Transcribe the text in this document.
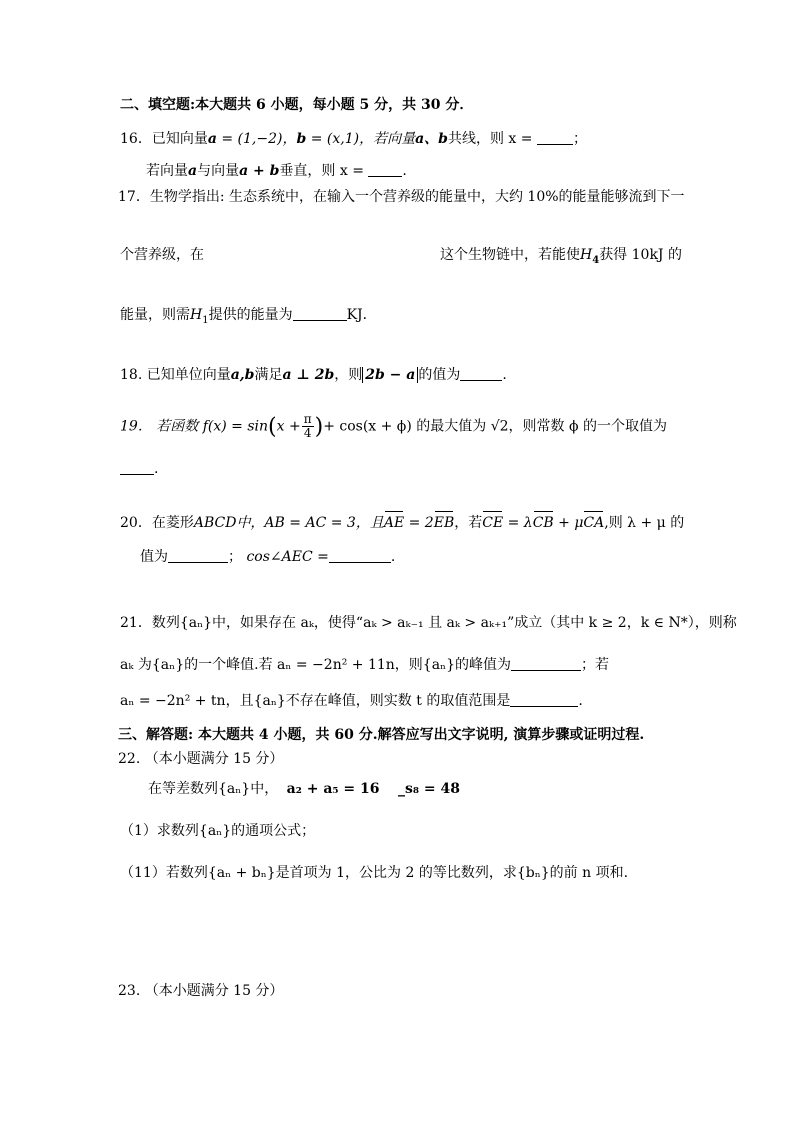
二、填空题:本大题共 6 小题，每小题 5 分，共 30 分．
16．已知向量a = (1,−2)，b = (x,1)，若向量a、b共线，则 x =	；
若向量a与向量a + b垂直，则 x =	.
17．生物学指出: 生态系统中，在输入一个营养级的能量中，大约 10%的能量能够流到下一
个营养级，在	这个生物链中，若能使$H_4$获得 10kJ 的
能量，则需$H_1$提供的能量为	KJ．
18. 已知单位向量a,b满足a ⊥ 2b，则 2b − a 的值为	.
19． 若函数 $f(x) = \sin(x + \frac{\pi}{4}$ )+ cos(x + ϕ) 的最大值为 √2，则常数 ϕ 的一个取值为
.
20．在菱形ABCD中，AB = AC = 3，且AE = 2EB，若CE = λCB + μCA,则 λ + μ 的
值为	； cos∠AEC =	.
21．数列{aₙ}中，如果存在 aₖ，使得“aₖ > aₖ₋₁ 且 aₖ > aₖ₊₁”成立（其中 k ≥ 2，k ∈ N*），则称
aₖ 为{aₙ}的一个峰值.若 aₙ = −2n² + 11n，则{aₙ}的峰值为	；若
aₙ = −2n² + tn，且{aₙ}不存在峰值，则实数 t 的取值范围是	.
三、解答题: 本大题共 4 小题，共 60 分.解答应写出文字说明, 演算步骤或证明过程.
22. （本小题满分 15 分）
在等差数列{aₙ}中， a₂ + a₅ = 16 _s₈ = 48
（1）求数列{aₙ}的通项公式；
（11）若数列{aₙ + bₙ}是首项为 1，公比为 2 的等比数列，求{bₙ}的前 n 项和.
23. （本小题满分 15 分）
